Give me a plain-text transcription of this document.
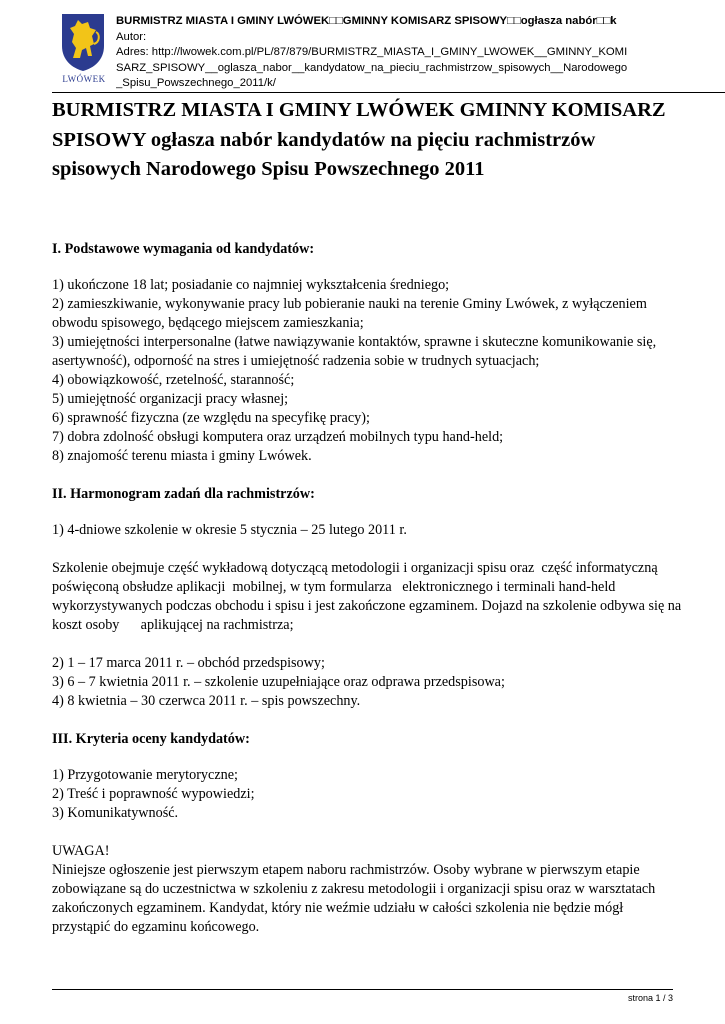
LWÓWEK
BURMISTRZ MIASTA I GMINY LWÓWEK□□GMINNY KOMISARZ SPISOWY□□ogłasza nabór□□k
Autor:
Adres: http://lwowek.com.pl/PL/87/879/BURMISTRZ_MIASTA_I_GMINY_LWOWEK__GMINNY_KOMI
SARZ_SPISOWY__oglasza_nabor__kandydatow_na_pieciu_rachmistrzow_spisowych__Narodowego
_Spisu_Powszechnego_2011/k/
BURMISTRZ MIASTA I GMINY LWÓWEK GMINNY KOMISARZ SPISOWY ogłasza nabór kandydatów na pięciu rachmistrzów spisowych Narodowego Spisu Powszechnego 2011
I. Podstawowe wymagania od kandydatów:
1) ukończone 18 lat; posiadanie co najmniej wykształcenia średniego;
2) zamieszkiwanie, wykonywanie pracy lub pobieranie nauki na terenie Gminy Lwówek, z wyłączeniem obwodu spisowego, będącego miejscem zamieszkania;
3) umiejętności interpersonalne (łatwe nawiązywanie kontaktów, sprawne i skuteczne komunikowanie się, asertywność), odporność na stres i umiejętność radzenia sobie w trudnych sytuacjach;
4) obowiązkowość, rzetelność, staranność;
5) umiejętność organizacji pracy własnej;
6) sprawność fizyczna (ze względu na specyfikę pracy);
7) dobra zdolność obsługi komputera oraz urządzeń mobilnych typu hand-held;
8) znajomość terenu miasta i gminy Lwówek.
II. Harmonogram zadań dla rachmistrzów:
1) 4-dniowe szkolenie w okresie 5 stycznia – 25 lutego 2011 r.

Szkolenie obejmuje część wykładową dotyczącą metodologii i organizacji spisu oraz  część informatyczną poświęconą obsłudze aplikacji  mobilnej, w tym formularza   elektronicznego i terminali hand-held wykorzystywanych podczas obchodu i spisu i jest zakończone egzaminem. Dojazd na szkolenie odbywa się na koszt osoby      aplikującej na rachmistrza;

2) 1 – 17 marca 2011 r. – obchód przedspisowy;
3) 6 – 7 kwietnia 2011 r. – szkolenie uzupełniające oraz odprawa przedspisowa;
4) 8 kwietnia – 30 czerwca 2011 r. – spis powszechny.
III. Kryteria oceny kandydatów:
1) Przygotowanie merytoryczne;
2) Treść i poprawność wypowiedzi;
3) Komunikatywność.
UWAGA!

Niniejsze ogłoszenie jest pierwszym etapem naboru rachmistrzów. Osoby wybrane w pierwszym etapie zobowiązane są do uczestnictwa w szkoleniu z zakresu metodologii i organizacji spisu oraz w warsztatach zakończonych egzaminem. Kandydat, który nie weźmie udziału w całości szkolenia nie będzie mógł przystąpić do egzaminu końcowego.

strona 1 / 3
